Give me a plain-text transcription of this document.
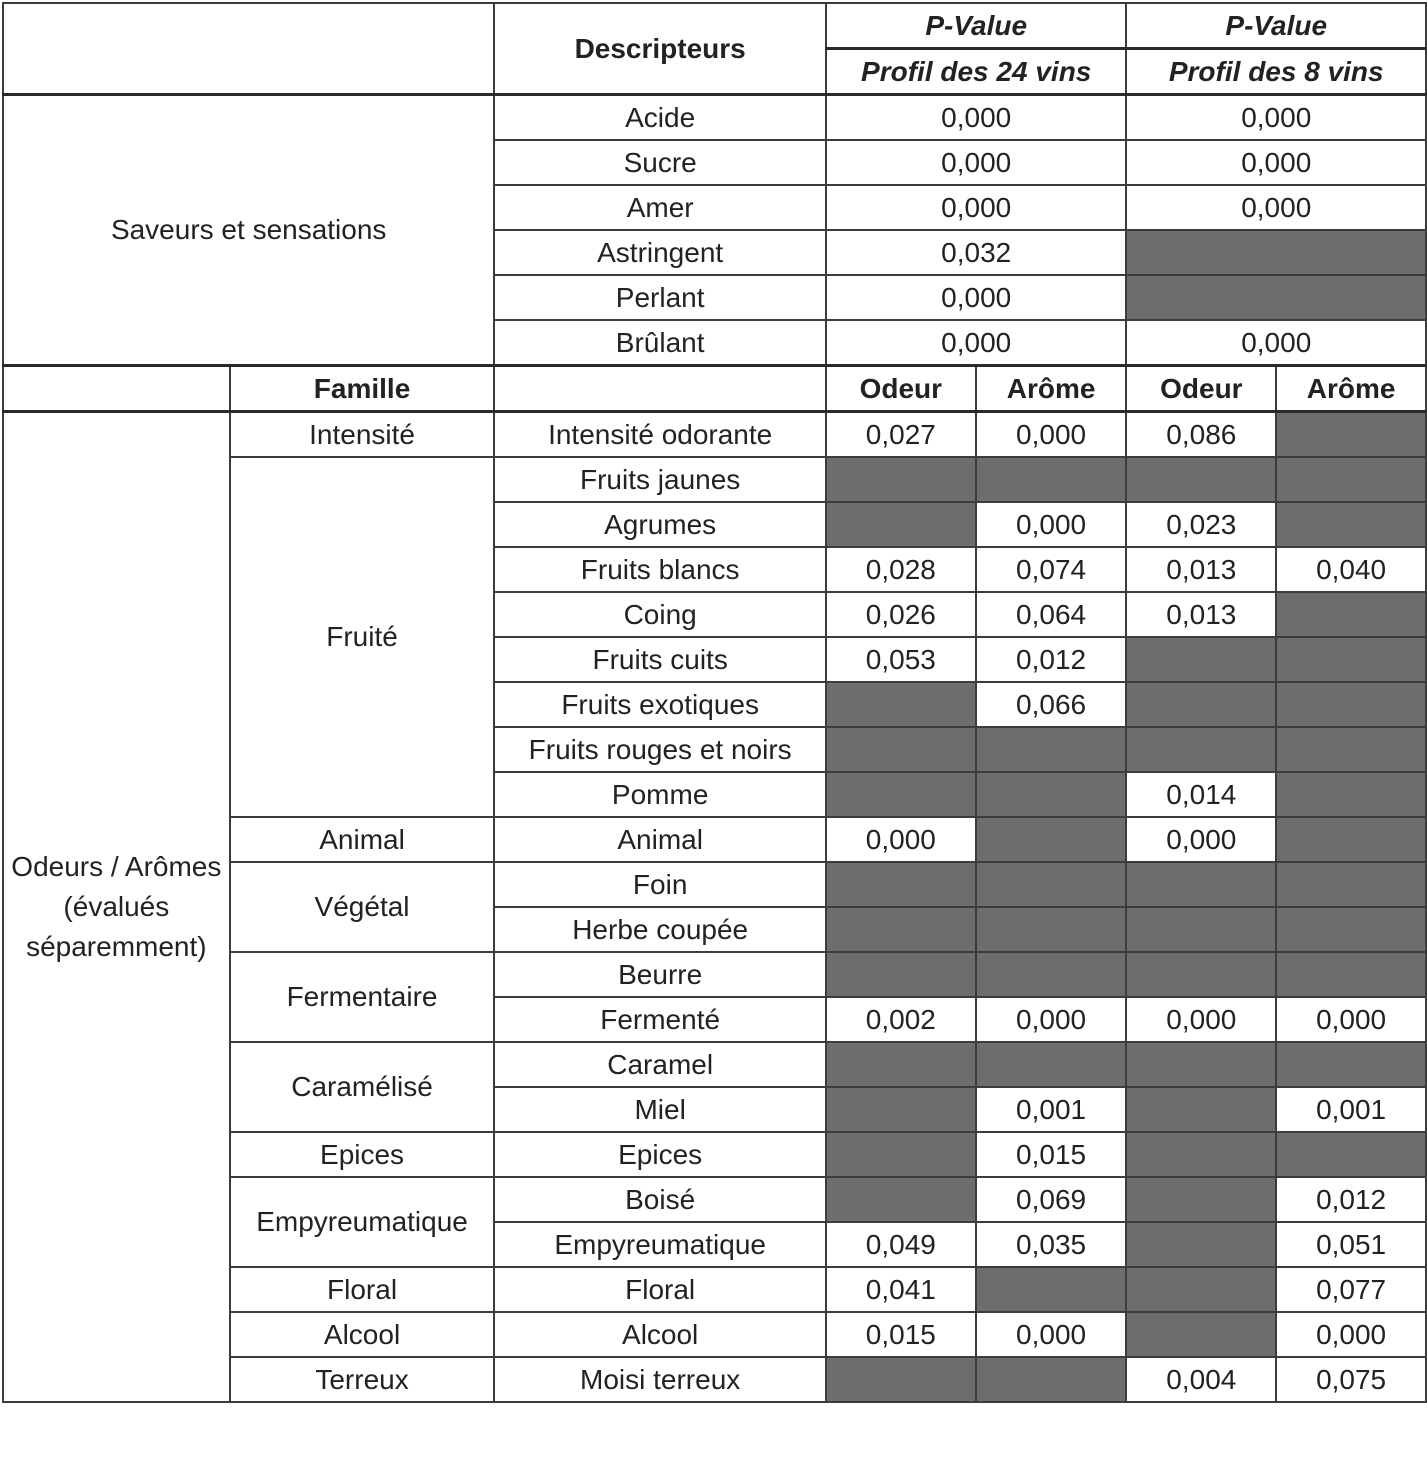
		Descripteurs	P-Value		P-Value	
			Profil des 24 vins		Profil des 8 vins	
Saveurs et sensations		Acide	0,000		0,000	
		Sucre	0,000		0,000	
		Amer	0,000		0,000	
		Astringent	0,032			
		Perlant	0,000			
		Brûlant	0,000		0,000	
	Famille		Odeur	Arôme	Odeur	Arôme
Odeurs / Arômes (évalués séparemment)	Intensité	Intensité odorante	0,027	0,000	0,086	
	Fruité	Fruits jaunes				
		Agrumes		0,000	0,023	
		Fruits blancs	0,028	0,074	0,013	0,040
		Coing	0,026	0,064	0,013	
		Fruits cuits	0,053	0,012		
		Fruits exotiques		0,066		
		Fruits rouges et noirs				
		Pomme			0,014	
	Animal	Animal	0,000		0,000	
	Végétal	Foin				
		Herbe coupée				
	Fermentaire	Beurre				
		Fermenté	0,002	0,000	0,000	0,000
	Caramélisé	Caramel				
		Miel		0,001		0,001
	Epices	Epices		0,015		
	Empyreumatique	Boisé		0,069		0,012
		Empyreumatique	0,049	0,035		0,051
	Floral	Floral	0,041			0,077
	Alcool	Alcool	0,015	0,000		0,000
	Terreux	Moisi terreux			0,004	0,075
